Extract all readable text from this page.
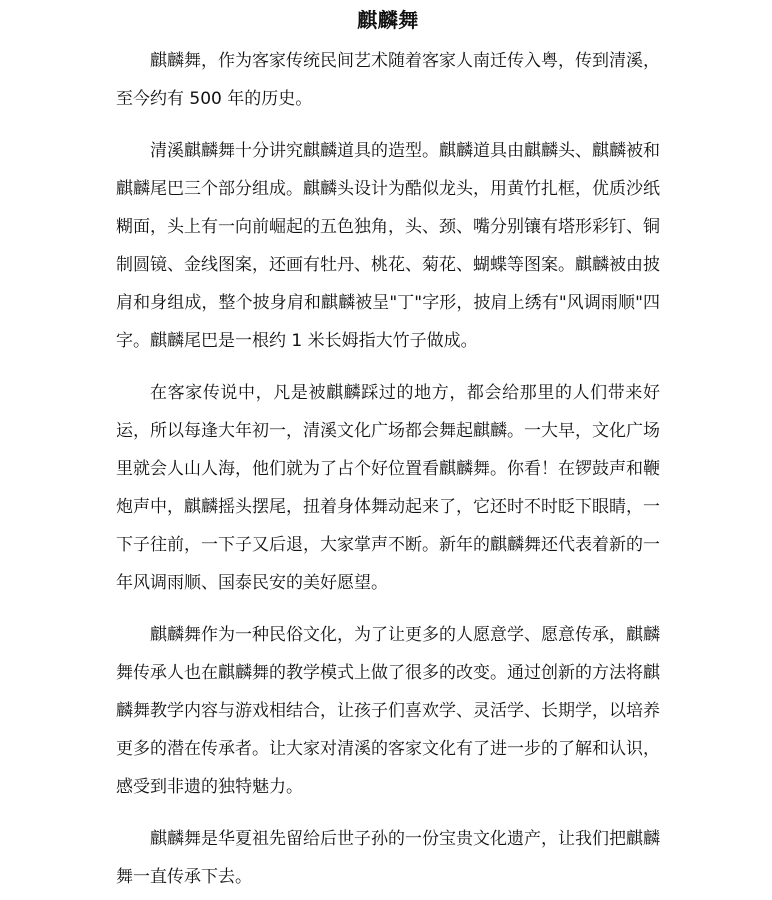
麒麟舞

麒麟舞，作为客家传统民间艺术随着客家人南迁传入粤，传到清溪，至今约有 500 年的历史。

清溪麒麟舞十分讲究麒麟道具的造型。麒麟道具由麒麟头、麒麟被和麒麟尾巴三个部分组成。麒麟头设计为酷似龙头，用黄竹扎框，优质沙纸糊面，头上有一向前崛起的五色独角，头、颈、嘴分别镶有塔形彩钉、铜制圆镜、金线图案，还画有牡丹、桃花、菊花、蝴蝶等图案。麒麟被由披肩和身组成，整个披身肩和麒麟被呈"丁"字形，披肩上绣有"风调雨顺"四字。麒麟尾巴是一根约 1 米长姆指大竹子做成。

在客家传说中，凡是被麒麟踩过的地方，都会给那里的人们带来好运，所以每逢大年初一，清溪文化广场都会舞起麒麟。一大早，文化广场里就会人山人海，他们就为了占个好位置看麒麟舞。你看！在锣鼓声和鞭炮声中，麒麟摇头摆尾，扭着身体舞动起来了，它还时不时眨下眼睛，一下子往前，一下子又后退，大家掌声不断。新年的麒麟舞还代表着新的一年风调雨顺、国泰民安的美好愿望。

麒麟舞作为一种民俗文化，为了让更多的人愿意学、愿意传承，麒麟舞传承人也在麒麟舞的教学模式上做了很多的改变。通过创新的方法将麒麟舞教学内容与游戏相结合，让孩子们喜欢学、灵活学、长期学，以培养更多的潜在传承者。让大家对清溪的客家文化有了进一步的了解和认识，感受到非遗的独特魅力。

麒麟舞是华夏祖先留给后世子孙的一份宝贵文化遗产，让我们把麒麟舞一直传承下去。
